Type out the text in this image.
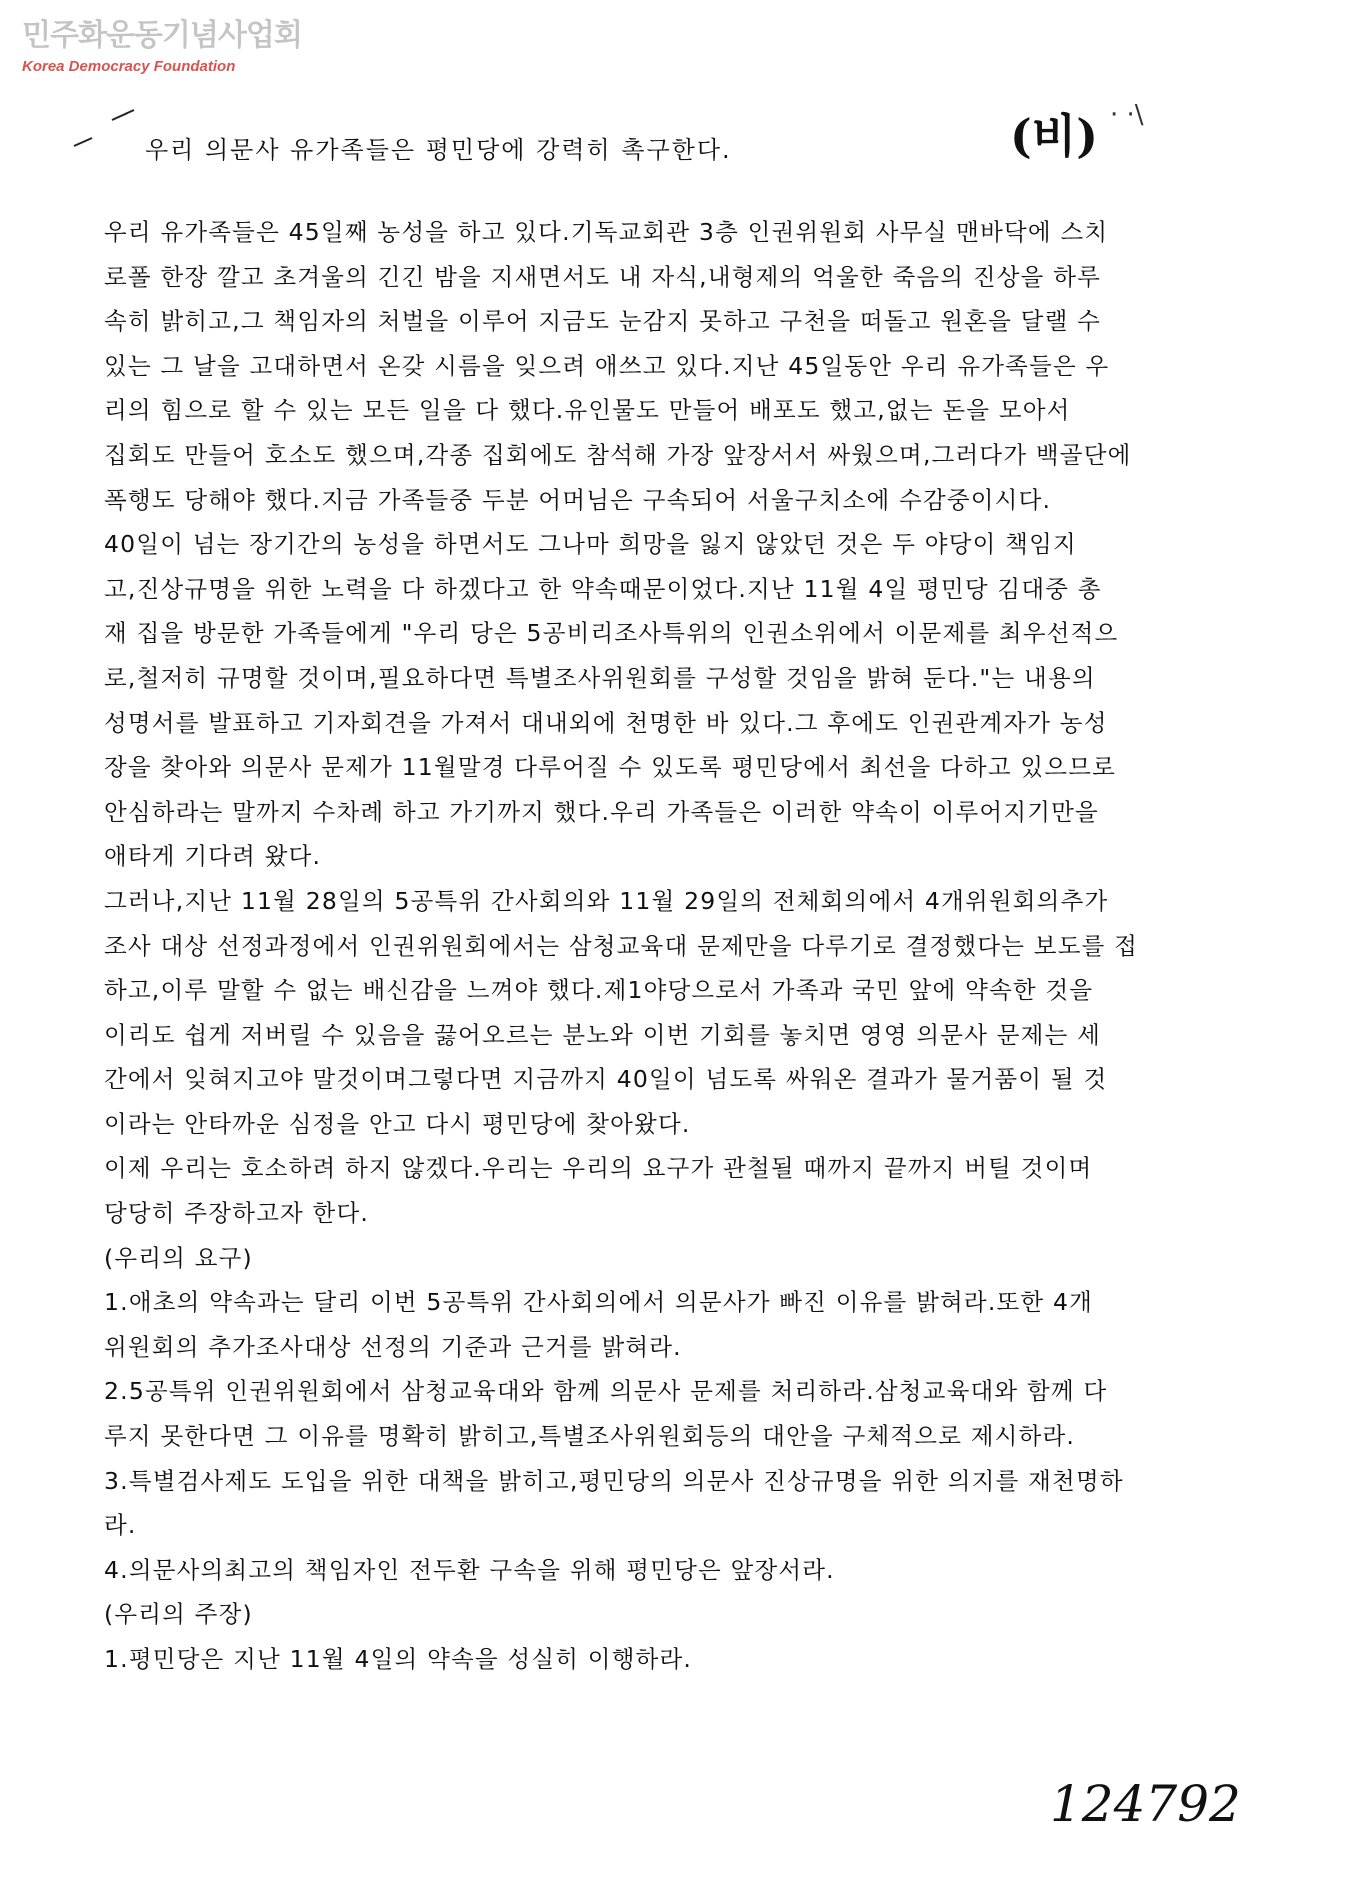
민주화운동기념사업회
Korea Democracy Foundation
우리 의문사 유가족들은 평민당에 강력히 촉구한다.	(비) · ·\

우리 유가족들은 45일째 농성을 하고 있다.기독교회관 3층 인권위원회 사무실 맨바닥에 스치

로폴 한장 깔고 초겨울의 긴긴 밤을 지새면서도 내 자식,내형제의 억울한 죽음의 진상을 하루

속히 밝히고,그 책임자의 처벌을 이루어 지금도 눈감지 못하고 구천을 떠돌고 원혼을 달랠 수

있는 그 날을 고대하면서 온갖 시름을 잊으려 애쓰고 있다.지난 45일동안 우리 유가족들은 우

리의 힘으로 할 수 있는 모든 일을 다 했다.유인물도 만들어 배포도 했고,없는 돈을 모아서

집회도 만들어 호소도 했으며,각종 집회에도 참석해 가장 앞장서서 싸웠으며,그러다가 백골단에

폭행도 당해야 했다.지금 가족들중 두분 어머님은 구속되어 서울구치소에 수감중이시다.

40일이 넘는 장기간의 농성을 하면서도 그나마 희망을 잃지 않았던 것은 두 야당이 책임지

고,진상규명을 위한 노력을 다 하겠다고 한 약속때문이었다.지난 11월 4일 평민당 김대중 총

재 집을 방문한 가족들에게 "우리 당은 5공비리조사특위의 인권소위에서 이문제를 최우선적으

로,철저히 규명할 것이며,필요하다면 특별조사위원회를 구성할 것임을 밝혀 둔다."는 내용의

성명서를 발표하고 기자회견을 가져서 대내외에 천명한 바 있다.그 후에도 인권관계자가 농성

장을 찾아와 의문사 문제가 11월말경 다루어질 수 있도록 평민당에서 최선을 다하고 있으므로

안심하라는 말까지 수차례 하고 가기까지 했다.우리 가족들은 이러한 약속이 이루어지기만을

애타게 기다려 왔다.

그러나,지난 11월 28일의 5공특위 간사회의와 11월 29일의 전체회의에서 4개위원회의추가

조사 대상 선정과정에서 인권위원회에서는 삼청교육대 문제만을 다루기로 결정했다는 보도를 접

하고,이루 말할 수 없는 배신감을 느껴야 했다.제1야당으로서 가족과 국민 앞에 약속한 것을

이리도 쉽게 저버릴 수 있음을 끓어오르는 분노와 이번 기회를 놓치면 영영 의문사 문제는 세

간에서 잊혀지고야 말것이며그렇다면 지금까지 40일이 넘도록 싸워온 결과가 물거품이 될 것

이라는 안타까운 심정을 안고 다시 평민당에 찾아왔다.

이제 우리는 호소하려 하지 않겠다.우리는 우리의 요구가 관철될 때까지 끝까지 버틸 것이며

당당히 주장하고자 한다.

(우리의 요구)

1.애초의 약속과는 달리 이번 5공특위 간사회의에서 의문사가 빠진 이유를 밝혀라.또한 4개

위원회의 추가조사대상 선정의 기준과 근거를 밝혀라.

2.5공특위 인권위원회에서 삼청교육대와 함께 의문사 문제를 처리하라.삼청교육대와 함께 다

루지 못한다면 그 이유를 명확히 밝히고,특별조사위원회등의 대안을 구체적으로 제시하라.

3.특별검사제도 도입을 위한 대책을 밝히고,평민당의 의문사 진상규명을 위한 의지를 재천명하

라.

4.의문사의최고의 책임자인 전두환 구속을 위해 평민당은 앞장서라.

(우리의 주장)

1.평민당은 지난 11월 4일의 약속을 성실히 이행하라.

124792
